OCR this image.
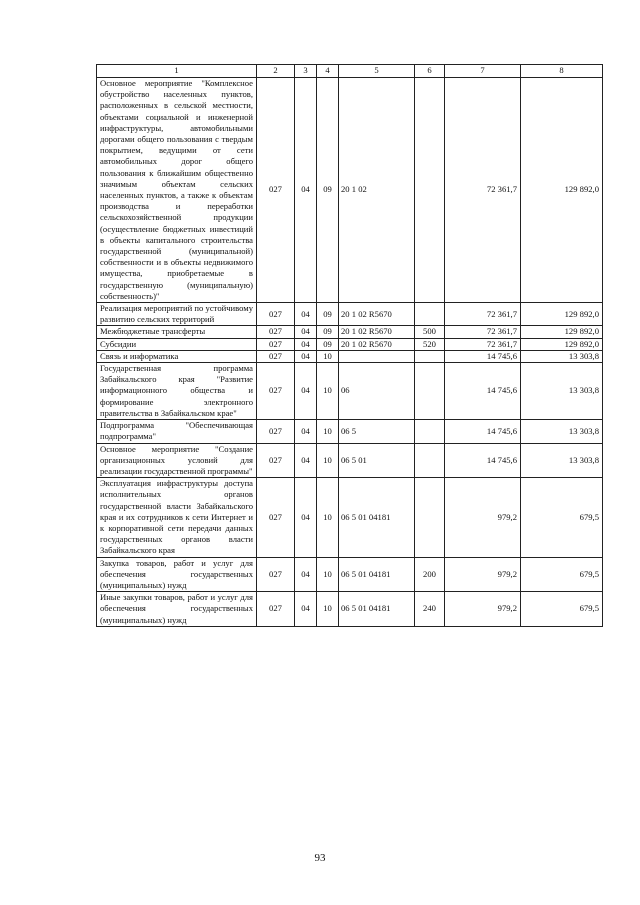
1	2	3	4	5	6	7	8
Основное мероприятие "Комплексное обустройство населенных пунктов, расположенных в сельской местности, объектами социальной и инженерной инфраструктуры, автомобильными дорогами общего пользования с твердым покрытием, ведущими от сети автомобильных дорог общего пользования к ближайшим общественно значимым объектам сельских населенных пунктов, а также к объектам производства и переработки сельскохозяйственной продукции (осуществление бюджетных инвестиций в объекты капитального строительства государственной (муниципальной) собственности и в объекты недвижимого имущества, приобретаемые в государственную (муниципальную) собственность)"	027	04	09	20 1 02		72 361,7	129 892,0
Реализация мероприятий по устойчивому развитию сельских территорий	027	04	09	20 1 02 R5670		72 361,7	129 892,0
Межбюджетные трансферты	027	04	09	20 1 02 R5670	500	72 361,7	129 892,0
Субсидии	027	04	09	20 1 02 R5670	520	72 361,7	129 892,0
Связь и информатика	027	04	10			14 745,6	13 303,8
Государственная программа Забайкальского края "Развитие информационного общества и формирование электронного правительства в Забайкальском крае"	027	04	10	06		14 745,6	13 303,8
Подпрограмма "Обеспечивающая подпрограмма"	027	04	10	06 5		14 745,6	13 303,8
Основное мероприятие "Создание организационных условий для реализации государственной программы"	027	04	10	06 5 01		14 745,6	13 303,8
Эксплуатация инфраструктуры доступа исполнительных органов государственной власти Забайкальского края и их сотрудников к сети Интернет и к корпоративной сети передачи данных государственных органов власти Забайкальского края	027	04	10	06 5 01 04181		979,2	679,5
Закупка товаров, работ и услуг для обеспечения государственных (муниципальных) нужд	027	04	10	06 5 01 04181	200	979,2	679,5
Иные закупки товаров, работ и услуг для обеспечения государственных (муниципальных) нужд	027	04	10	06 5 01 04181	240	979,2	679,5
93
